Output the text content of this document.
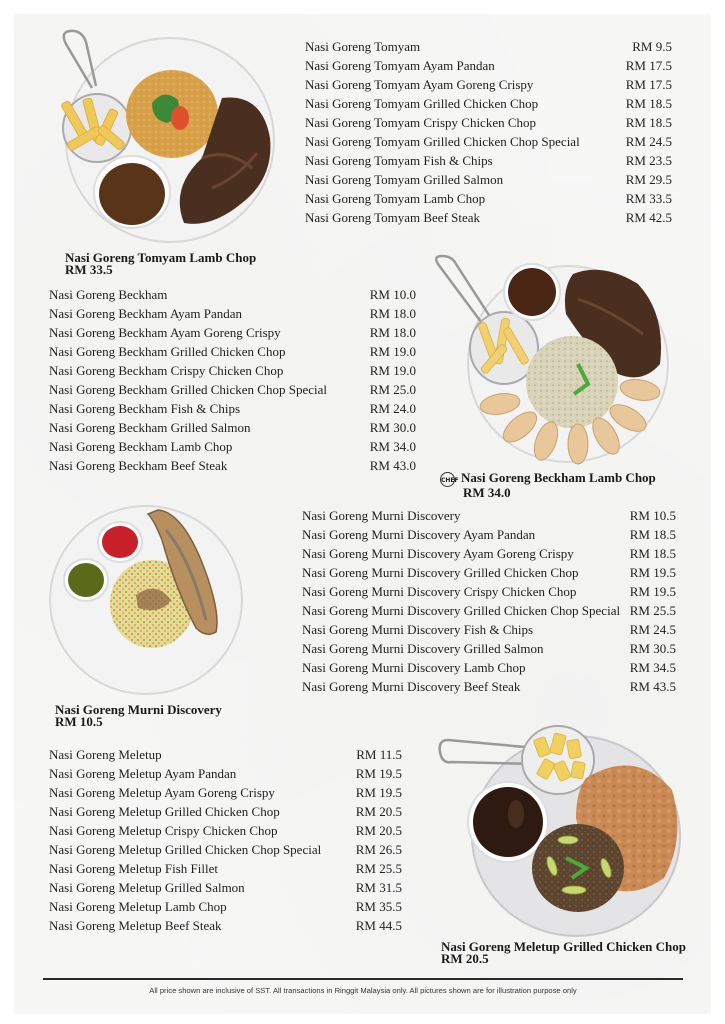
Nasi Goreng Tomyam	RM 9.5
Nasi Goreng Tomyam Ayam Pandan	RM 17.5
Nasi Goreng Tomyam Ayam Goreng Crispy	RM 17.5
Nasi Goreng Tomyam Grilled Chicken Chop	RM 18.5
Nasi Goreng Tomyam Crispy Chicken Chop	RM 18.5
Nasi Goreng Tomyam Grilled Chicken Chop Special	RM 24.5
Nasi Goreng Tomyam Fish & Chips	RM 23.5
Nasi Goreng Tomyam Grilled Salmon	RM 29.5
Nasi Goreng Tomyam Lamb Chop	RM 33.5
Nasi Goreng Tomyam Beef Steak	RM 42.5
Nasi Goreng Tomyam Lamb Chop
RM 33.5
Nasi Goreng Beckham	RM 10.0
Nasi Goreng Beckham Ayam Pandan	RM 18.0
Nasi Goreng Beckham Ayam Goreng Crispy	RM 18.0
Nasi Goreng Beckham Grilled Chicken Chop	RM 19.0
Nasi Goreng Beckham Crispy Chicken Chop	RM 19.0
Nasi Goreng Beckham Grilled Chicken Chop Special	RM 25.0
Nasi Goreng Beckham Fish & Chips	RM 24.0
Nasi Goreng Beckham Grilled Salmon	RM 30.0
Nasi Goreng Beckham Lamb Chop	RM 34.0
Nasi Goreng Beckham Beef Steak	RM 43.0
CHEF Nasi Goreng Beckham Lamb Chop
RM 34.0
Nasi Goreng Murni Discovery	RM 10.5
Nasi Goreng Murni Discovery Ayam Pandan	RM 18.5
Nasi Goreng Murni Discovery Ayam Goreng Crispy	RM 18.5
Nasi Goreng Murni Discovery Grilled Chicken Chop	RM 19.5
Nasi Goreng Murni Discovery Crispy Chicken Chop	RM 19.5
Nasi Goreng Murni Discovery Grilled Chicken Chop Special RM 25.5
Nasi Goreng Murni Discovery Fish & Chips	RM 24.5
Nasi Goreng Murni Discovery Grilled Salmon	RM 30.5
Nasi Goreng Murni Discovery Lamb Chop	RM 34.5
Nasi Goreng Murni Discovery Beef Steak	RM 43.5
Nasi Goreng Murni Discovery
RM 10.5
Nasi Goreng Meletup	RM 11.5
Nasi Goreng Meletup Ayam Pandan	RM 19.5
Nasi Goreng Meletup Ayam Goreng Crispy	RM 19.5
Nasi Goreng Meletup Grilled Chicken Chop	RM 20.5
Nasi Goreng Meletup Crispy Chicken Chop	RM 20.5
Nasi Goreng Meletup Grilled Chicken Chop Special	RM 26.5
Nasi Goreng Meletup Fish Fillet	RM 25.5
Nasi Goreng Meletup Grilled Salmon	RM 31.5
Nasi Goreng Meletup Lamb Chop	RM 35.5
Nasi Goreng Meletup Beef Steak	RM 44.5
Nasi Goreng Meletup Grilled Chicken Chop
RM 20.5
All price shown are inclusive of SST. All transactions in Ringgit Malaysia only. All pictures shown are for illustration purpose only
